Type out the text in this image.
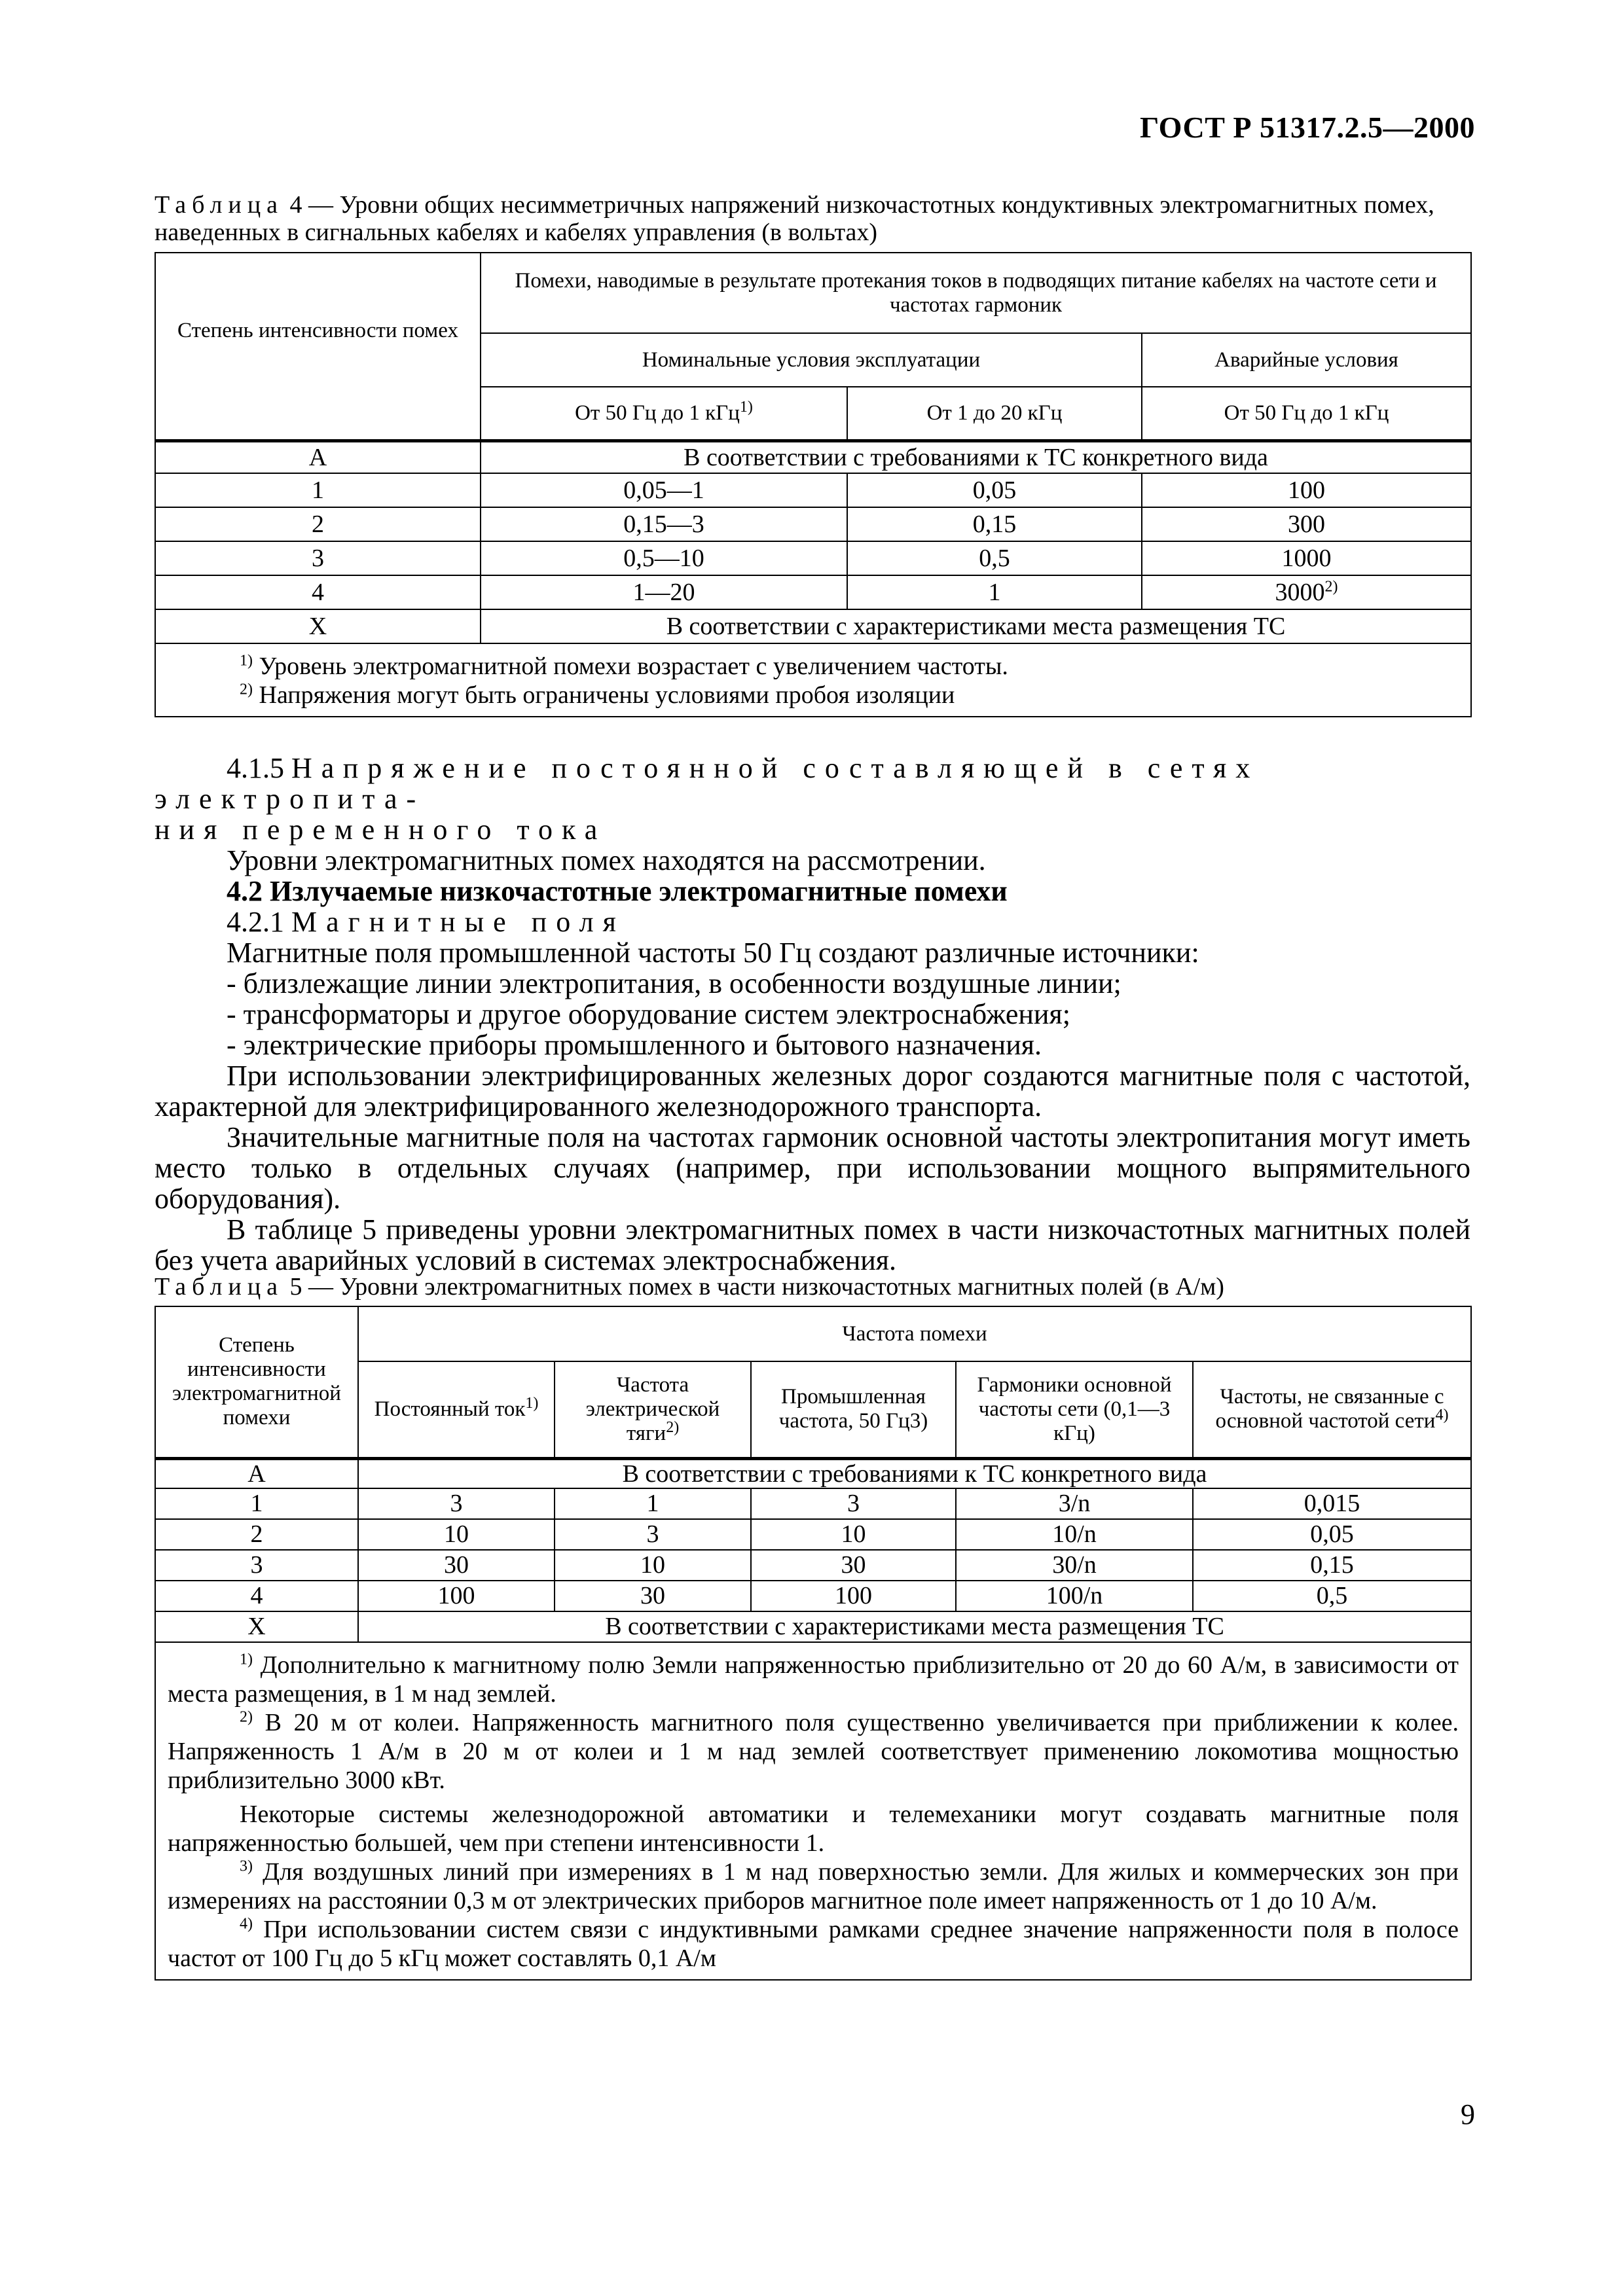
ГОСТ Р 51317.2.5—2000
Таблица 4 — Уровни общих несимметричных напряжений низкочастотных кондуктивных электромагнитных помех, наведенных в сигнальных кабелях и кабелях управления (в вольтах)
Степень интенсивности помех	Помехи, наводимые в результате протекания токов в подводящих питание кабелях на частоте сети и частотах гармоник		
	Номинальные условия эксплуатации		Аварийные условия
	От 50 Гц до 1 кГц$^{1)}$	От 1 до 20 кГц	От 50 Гц до 1 кГц
А	В соответствии с требованиями к ТС конкретного вида		
1	0,05—1	0,05	100
2	0,15—3	0,15	300
3	0,5—10	0,5	1000
4	1—20	1	3000$^{2)}$
X	В соответствии с характеристиками места размещения ТС		

$^{1)}$ Уровень электромагнитной помехи возрастает с увеличением частоты.

$^{2)}$ Напряжения могут быть ограничены условиями пробоя изоляции			

4.1.5 Напряжение постоянной составляющей в сетях электропита-

ния переменного тока

Уровни электромагнитных помех находятся на рассмотрении.

4.2 Излучаемые низкочастотные электромагнитные помехи

4.2.1 Магнитные поля

Магнитные поля промышленной частоты 50 Гц создают различные источники:

- близлежащие линии электропитания, в особенности воздушные линии;

- трансформаторы и другое оборудование систем электроснабжения;

- электрические приборы промышленного и бытового назначения.

При использовании электрифицированных железных дорог создаются магнитные поля с частотой, характерной для электрифицированного железнодорожного транспорта.

Значительные магнитные поля на частотах гармоник основной частоты электропитания могут иметь место только в отдельных случаях (например, при использовании мощного выпрямительного оборудования).

В таблице 5 приведены уровни электромагнитных помех в части низкочастотных магнитных полей без учета аварийных условий в системах электроснабжения.

Таблица 5 — Уровни электромагнитных помех в части низкочастотных магнитных полей (в А/м)
Степень интенсивности электромагнитной помехи	Частота помехи				
	Постоянный ток$^{1)}$	Частота электрической тяги$^{2)}$	Промышленная частота, 50 Гц3)	Гармоники основной частоты сети (0,1—3 кГц)	Частоты, не связанные с основной частотой сети$^{4)}$
А	В соответствии с требованиями к ТС конкретного вида				
1	3	1	3	3/n	0,015
2	10	3	10	10/n	0,05
3	30	10	30	30/n	0,15
4	100	30	100	100/n	0,5
X	В соответствии с характеристиками места размещения ТС				

$^{1)}$ Дополнительно к магнитному полю Земли напряженностью приблизительно от 20 до 60 А/м, в зависимости от места размещения, в 1 м над землей.

$^{2)}$ В 20 м от колеи. Напряженность магнитного поля существенно увеличивается при приближении к колее. Напряженность 1 А/м в 20 м от колеи и 1 м над землей соответствует применению локомотива мощностью приблизительно 3000 кВт.

Некоторые системы железнодорожной автоматики и телемеханики могут создавать магнитные поля напряженностью большей, чем при степени интенсивности 1.

$^{3)}$ Для воздушных линий при измерениях в 1 м над поверхностью земли. Для жилых и коммерческих зон при измерениях на расстоянии 0,3 м от электрических приборов магнитное поле имеет напряженность от 1 до 10 А/м.

$^{4)}$ При использовании систем связи с индуктивными рамками среднее значение напряженности поля в полосе частот от 100 Гц до 5 кГц может составлять 0,1 А/м					

9
